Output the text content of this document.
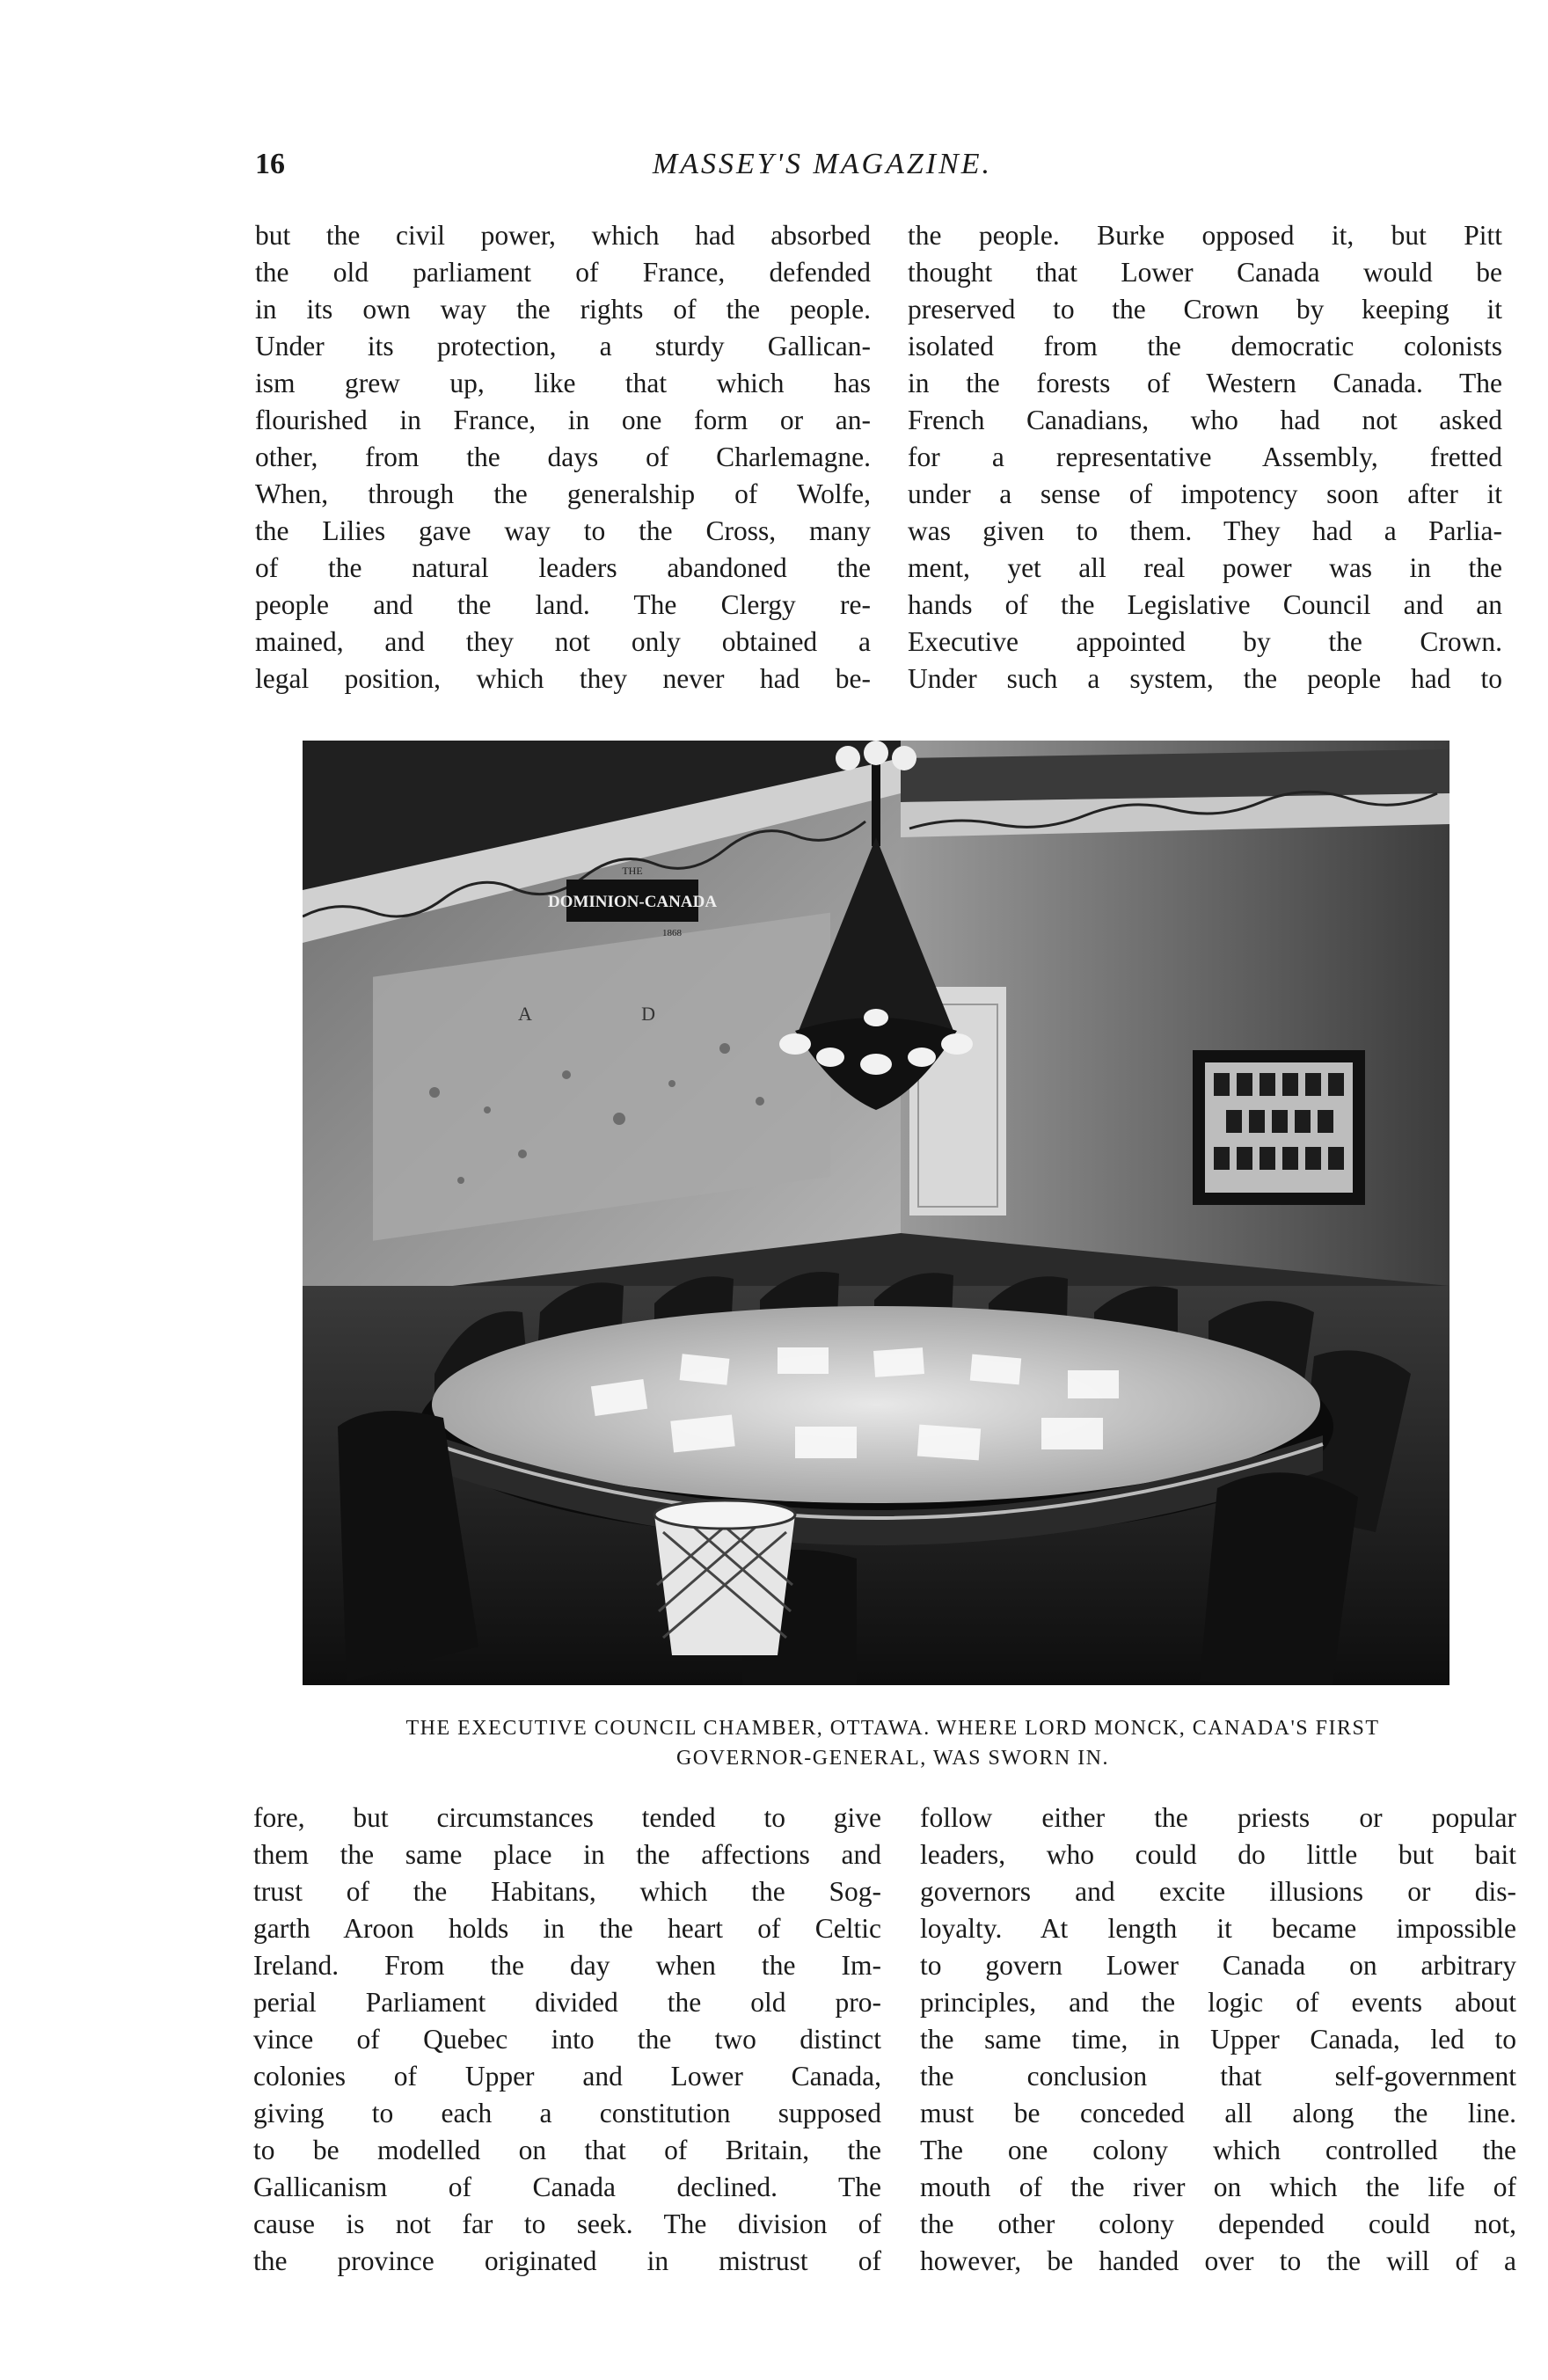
16	MASSEY'S MAGAZINE.
but the civil power, which had absorbed
the old parliament of France, defended
in its own way the rights of the people.
Under its protection, a sturdy Gallican-
ism grew up, like that which has
flourished in France, in one form or an-
other, from the days of Charlemagne.
When, through the generalship of Wolfe,
the Lilies gave way to the Cross, many
of the natural leaders abandoned the
people and the land. The Clergy re-
mained, and they not only obtained a
legal position, which they never had be-
the people. Burke opposed it, but Pitt
thought that Lower Canada would be
preserved to the Crown by keeping it
isolated from the democratic colonists
in the forests of Western Canada. The
French Canadians, who had not asked
for a representative Assembly, fretted
under a sense of impotency soon after it
was given to them. They had a Parlia-
ment, yet all real power was in the
hands of the Legislative Council and an
Executive appointed by the Crown.
Under such a system, the people had to
THE
DOMINION‑CANADA
1868
A D
THE EXECUTIVE COUNCIL CHAMBER, OTTAWA. WHERE LORD MONCK, CANADA'S FIRST
GOVERNOR-GENERAL, WAS SWORN IN.
fore, but circumstances tended to give
them the same place in the affections and
trust of the Habitans, which the Sog-
garth Aroon holds in the heart of Celtic
Ireland. From the day when the Im-
perial Parliament divided the old pro-
vince of Quebec into the two distinct
colonies of Upper and Lower Canada,
giving to each a constitution supposed
to be modelled on that of Britain, the
Gallicanism of Canada declined. The
cause is not far to seek. The division of
the province originated in mistrust of
follow either the priests or popular
leaders, who could do little but bait
governors and excite illusions or dis-
loyalty. At length it became impossible
to govern Lower Canada on arbitrary
principles, and the logic of events about
the same time, in Upper Canada, led to
the conclusion that self-government
must be conceded all along the line.
The one colony which controlled the
mouth of the river on which the life of
the other colony depended could not,
however, be handed over to the will of a
